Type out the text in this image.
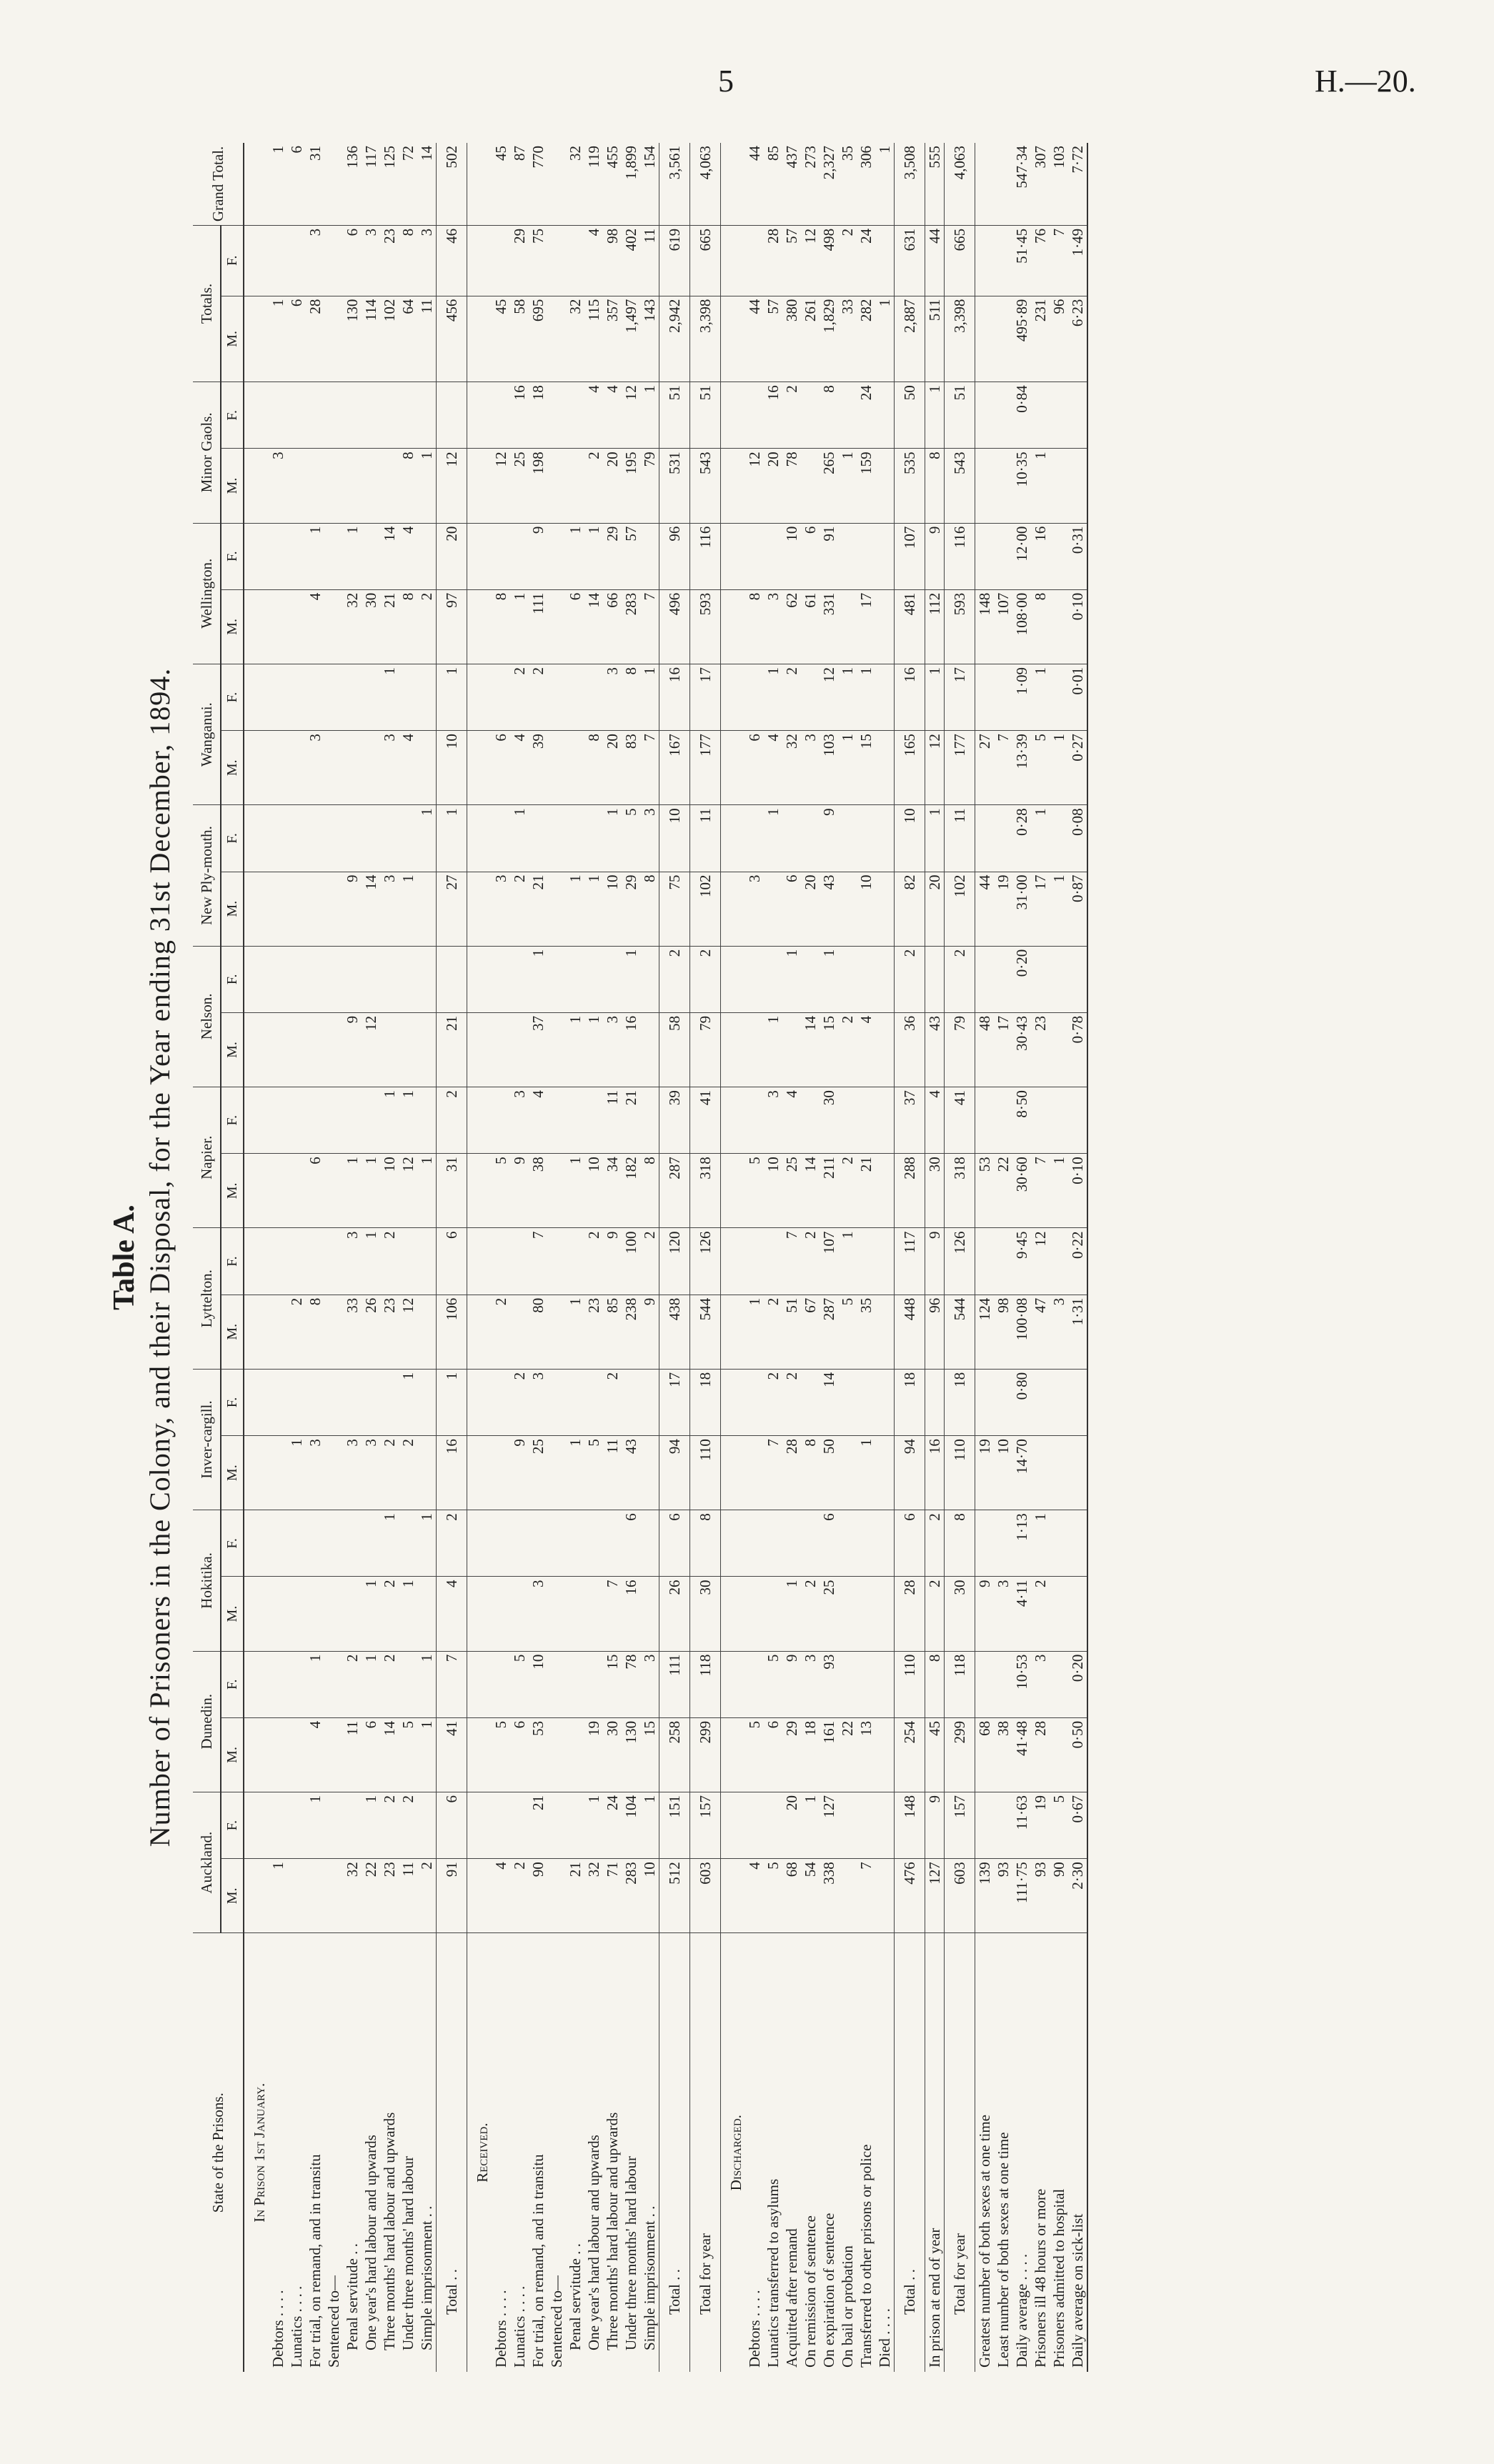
5	H.—20.
Table A. Number of Prisoners in the Colony, and their Disposal, for the Year ending 31st December, 1894.
State of the Prisons.	Auckland.		Dunedin.		Hokitika.		Inver-cargill.		Lyttelton.		Napier.		Nelson.		New Ply-mouth.		Wanganui.		Wellington.		Minor Gaols.		Totals.		Grand Total.
	M.	F.	M.	F.	M.	F.	M.	F.	M.	F.	M.	F.	M.	F.	M.	F.	M.	F.	M.	F.	M.	F.	M.	F.	
In Prison 1st January.																									
Debtors . . . .	1																				3		1		1
Lunatics . . . .							1		2														6		6
For trial, on remand, and in transitu		1	4	1			3		8		6						3		4	1			28	3	31
Sentenced to—																									
Penal servitude . .	32		11	2			3		33	3	1		9		9				32	1			130	6	136
One year's hard labour and upwards	22	1	6	1	1		3		26	1	1		12		14				30				114	3	117
Three months' hard labour and upwards	23	2	14	2	2	1	2		23	2	10	1			3		3	1	21	14			102	23	125
Under three months' hard labour	11	2	5		1		2	1	12		12	1			1		4		8	4	8		64	8	72
Simple imprisonment . .	2		1	1		1					1					1			2		1		11	3	14
Total . .	91	6	41	7	4	2	16	1	106	6	31	2	21		27	1	10	1	97	20	12		456	46	502
Received.																									
Debtors . . . .	4		5						2		5				3		6		8		12		45		45
Lunatics . . . .	2		6	5			9	2			9	3			2	1	4	2	1		25	16	58	29	87
For trial, on remand, and in transitu	90	21	53	10	3		25	3	80	7	38	4	37	1	21		39	2	111	9	198	18	695	75	770
Sentenced to—																									
Penal servitude . .	21						1		1		1		1		1				6	1			32		32
One year's hard labour and upwards	32	1	19				5		23	2	10		1		1		8		14	1	2	4	115	4	119
Three months' hard labour and upwards	71	24	30	15	7		11	2	85	9	34	11	3		10	1	20	3	66	29	20	4	357	98	455
Under three months' hard labour	283	104	130	78	16	6	43		238	100	182	21	16	1	29	5	83	8	283	57	195	12	1,497	402	1,899
Simple imprisonment . .	10	1	15	3					9	2	8				8	3	7	1	7		79	1	143	11	154
Total . .	512	151	258	111	26	6	94	17	438	120	287	39	58	2	75	10	167	16	496	96	531	51	2,942	619	3,561
Total for year	603	157	299	118	30	8	110	18	544	126	318	41	79	2	102	11	177	17	593	116	543	51	3,398	665	4,063
Discharged.																									
Debtors . . . .	4		5						1		5				3		6		8		12		44		44
Lunatics transferred to asylums	5		6	5			7	2	2		10	3	1			1	4	1	3		20	16	57	28	85
Acquitted after remand	68	20	29	9	1		28	2	51	7	25	4		1	6		32	2	62	10	78	2	380	57	437
On remission of sentence	54	1	18	3	2		8		67	2	14		14		20		3		61	6			261	12	273
On expiration of sentence	338	127	161	93	25	6	50	14	287	107	211	30	15	1	43	9	103	12	331	91	265	8	1,829	498	2,327
On bail or probation			22						5	1	2		2				1	1			1		33	2	35
Transferred to other prisons or police	7		13				1		35		21		4		10		15	1	17		159	24	282	24	306
Died . . . .																							1		1
Total . .	476	148	254	110	28	6	94	18	448	117	288	37	36	2	82	10	165	16	481	107	535	50	2,887	631	3,508
In prison at end of year	127	9	45	8	2	2	16		96	9	30	4	43		20	1	12	1	112	9	8	1	511	44	555
Total for year	603	157	299	118	30	8	110	18	544	126	318	41	79	2	102	11	177	17	593	116	543	51	3,398	665	4,063
Greatest number of both sexes at one time	139		68		9		19		124		53		48		44		27		148						
Least number of both sexes at one time	93		38		3		10		98		22		17		19		7		107						
Daily average . . . .	111·75	11·63	41·48	10·53	4·11	1·13	14·70	0·80	100·08	9·45	30·60	8·50	30·43	0·20	31·00	0·28	13·39	1·09	108·00	12·00	10·35	0·84	495·89	51·45	547·34
Prisoners ill 48 hours or more	93	19	28	3	2	1			47	12	7		23		17	1	5	1	8	16	1		231	76	307
Prisoners admitted to hospital	90	5							3		1				1		1						96	7	103
Daily average on sick-list	2·30	0·67	0·50	0·20					1·31	0·22	0·10		0·78		0·87	0·08	0·27	0·01	0·10	0·31			6·23	1·49	7·72
